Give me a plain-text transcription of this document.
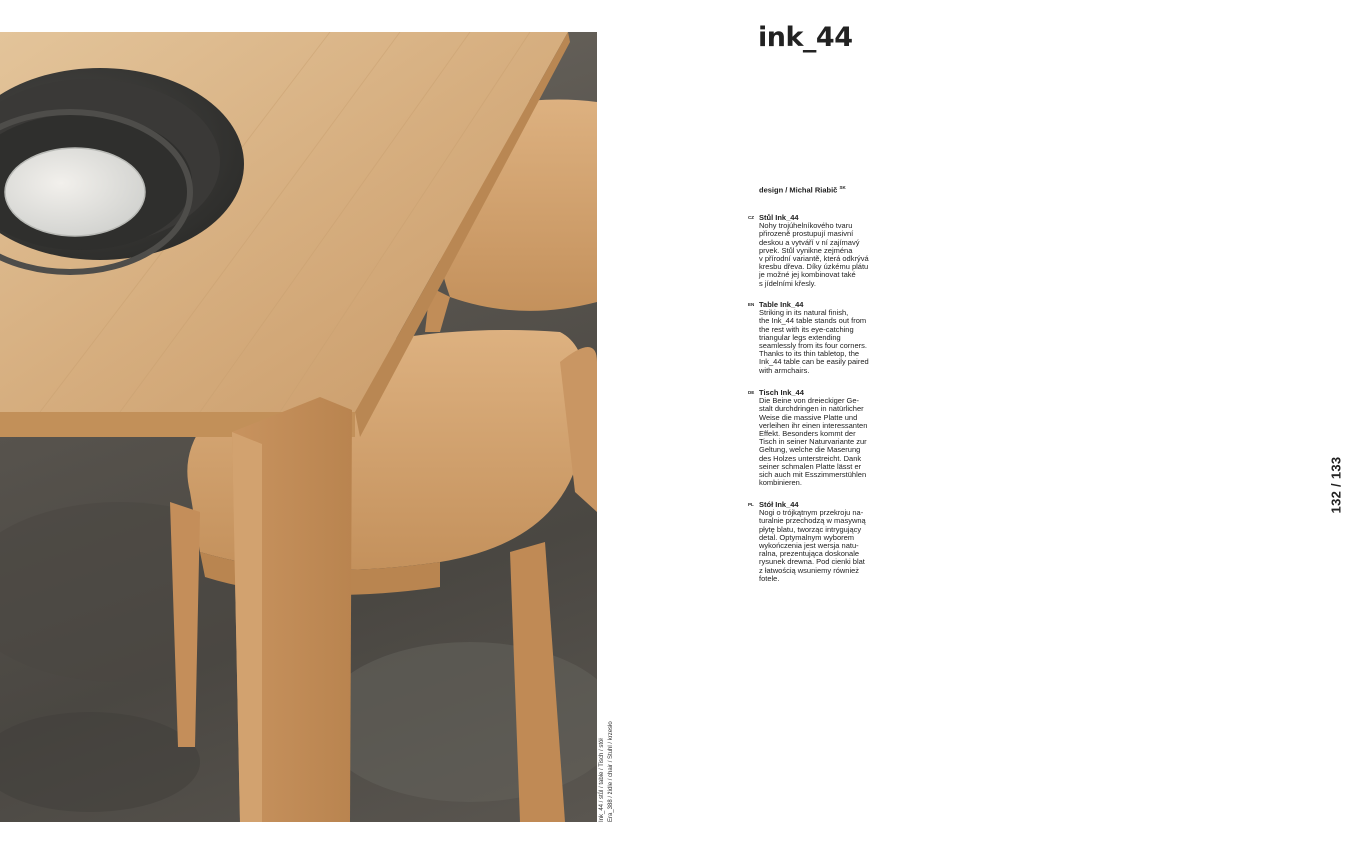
Ink_44 / stůl / table / Tisch / stół Era_388 / židle / chair / Stuhl / krzesło
ink_44
design / Michal Riabič $^{SK}$
CZ Stůl Ink_44
Nohy trojúhelníkového tvaru
přirozeně prostupují masivní
deskou a vytváří v ní zajímavý
prvek. Stůl vynikne zejména
v přírodní variantě, která odkrývá
kresbu dřeva. Díky úzkému plátu
je možné jej kombinovat také
s jídelními křesly.
EN Table Ink_44
Striking in its natural finish,
the Ink_44 table stands out from
the rest with its eye-catching
triangular legs extending
seamlessly from its four corners.
Thanks to its thin tabletop, the
Ink_44 table can be easily paired
with armchairs.
DE Tisch Ink_44
Die Beine von dreieckiger Ge-
stalt durchdringen in natürlicher
Weise die massive Platte und
verleihen ihr einen interessanten
Effekt. Besonders kommt der
Tisch in seiner Naturvariante zur
Geltung, welche die Maserung
des Holzes unterstreicht. Dank
seiner schmalen Platte lässt er
sich auch mit Esszimmerstühlen
kombinieren.
PL Stół Ink_44
Nogi o trójkątnym przekroju na-
turalnie przechodzą w masywną
płytę blatu, tworząc intrygujący
detal. Optymalnym wyborem
wykończenia jest wersja natu-
ralna, prezentująca doskonale
rysunek drewna. Pod cienki blat
z łatwością wsuniemy również
fotele.
132 / 133
